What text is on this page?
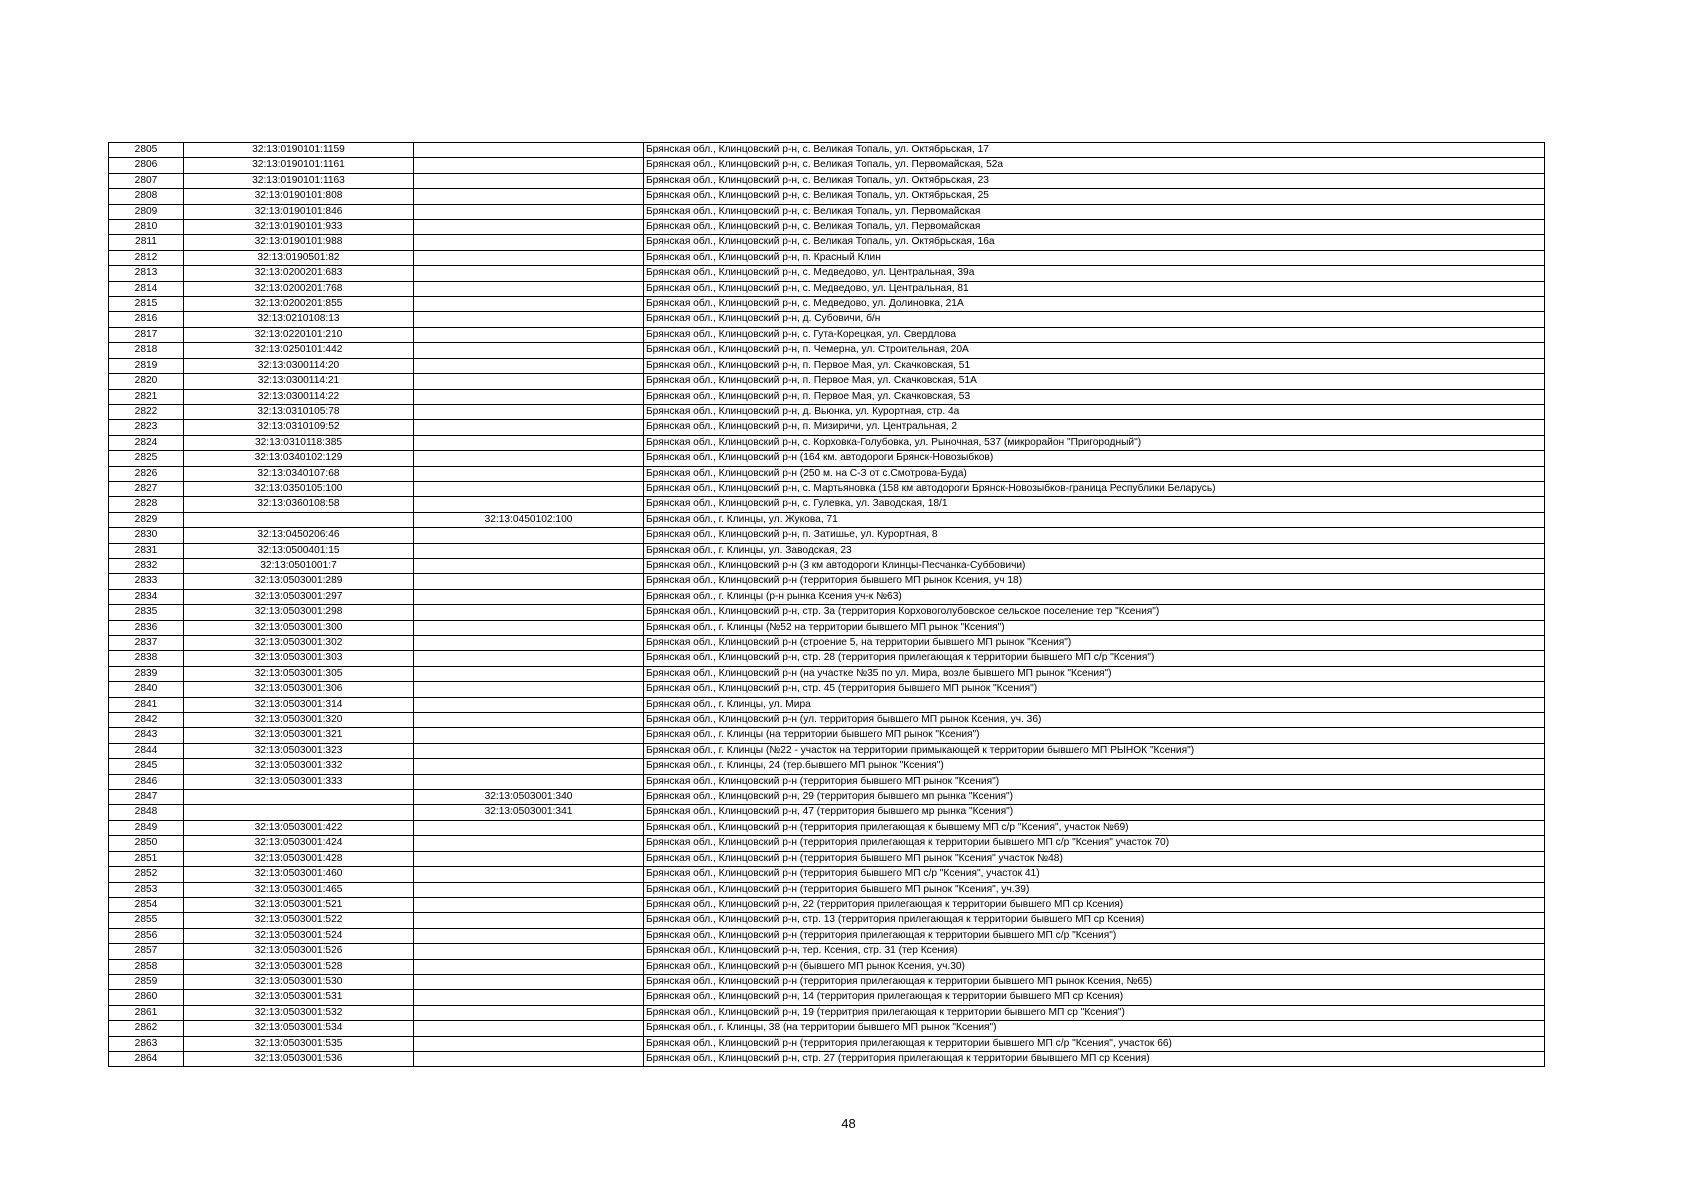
2805	32:13:0190101:1159		Брянская обл., Клинцовский р-н, с. Великая Топаль, ул. Октябрьская, 17
2806	32:13:0190101:1161		Брянская обл., Клинцовский р-н, с. Великая Топаль, ул. Первомайская, 52а
2807	32:13:0190101:1163		Брянская обл., Клинцовский р-н, с. Великая Топаль, ул. Октябрьская, 23
2808	32:13:0190101:808		Брянская обл., Клинцовский р-н, с. Великая Топаль, ул. Октябрьская, 25
2809	32:13:0190101:846		Брянская обл., Клинцовский р-н, с. Великая Топаль, ул. Первомайская
2810	32:13:0190101:933		Брянская обл., Клинцовский р-н, с. Великая Топаль, ул. Первомайская
2811	32:13:0190101:988		Брянская обл., Клинцовский р-н, с. Великая Топаль, ул. Октябрьская, 16а
2812	32:13:0190501:82		Брянская обл., Клинцовский р-н, п. Красный Клин
2813	32:13:0200201:683		Брянская обл., Клинцовский р-н, с. Медведово, ул. Центральная, 39а
2814	32:13:0200201:768		Брянская обл., Клинцовский р-н, с. Медведово, ул. Центральная, 81
2815	32:13:0200201:855		Брянская обл., Клинцовский р-н, с. Медведово, ул. Долиновка, 21А
2816	32:13:0210108:13		Брянская обл., Клинцовский р-н, д. Субовичи, б/н
2817	32:13:0220101:210		Брянская обл., Клинцовский р-н, с. Гута-Корецкая, ул. Свердлова
2818	32:13:0250101:442		Брянская обл., Клинцовский р-н, п. Чемерна, ул. Строительная, 20А
2819	32:13:0300114:20		Брянская обл., Клинцовский р-н, п. Первое Мая, ул. Скачковская, 51
2820	32:13:0300114:21		Брянская обл., Клинцовский р-н, п. Первое Мая, ул. Скачковская, 51А
2821	32:13:0300114:22		Брянская обл., Клинцовский р-н, п. Первое Мая, ул. Скачковская, 53
2822	32:13:0310105:78		Брянская обл., Клинцовский р-н, д. Вьюнка, ул. Курортная, стр. 4а
2823	32:13:0310109:52		Брянская обл., Клинцовский р-н, п. Мизиричи, ул. Центральная, 2
2824	32:13:0310118:385		Брянская обл., Клинцовский р-н, с. Корховка-Голубовка, ул. Рыночная, 537 (микрорайон "Пригородный")
2825	32:13:0340102:129		Брянская обл., Клинцовский р-н (164 км. автодороги Брянск-Новозыбков)
2826	32:13:0340107:68		Брянская обл., Клинцовский р-н (250 м. на С-З от с.Смотрова-Буда)
2827	32:13:0350105:100		Брянская обл., Клинцовский р-н, с. Мартьяновка (158 км автодороги Брянск-Новозыбков-граница Республики Беларусь)
2828	32:13:0360108:58		Брянская обл., Клинцовский р-н, с. Гулевка, ул. Заводская, 18/1
2829		32:13:0450102:100	Брянская обл., г. Клинцы, ул. Жукова, 71
2830	32:13:0450206:46		Брянская обл., Клинцовский р-н, п. Затишье, ул. Курортная, 8
2831	32:13:0500401:15		Брянская обл., г. Клинцы, ул. Заводская, 23
2832	32:13:0501001:7		Брянская обл., Клинцовский р-н (3 км автодороги Клинцы-Песчанка-Суббовичи)
2833	32:13:0503001:289		Брянская обл., Клинцовский р-н (территория бывшего МП рынок Ксения, уч 18)
2834	32:13:0503001:297		Брянская обл., г. Клинцы (р-н рынка Ксения уч-к №63)
2835	32:13:0503001:298		Брянская обл., Клинцовский р-н, стр. 3а (территория Корховоголубовское сельское поселение тер "Ксения")
2836	32:13:0503001:300		Брянская обл., г. Клинцы (№52 на территории бывшего МП рынок "Ксения")
2837	32:13:0503001:302		Брянская обл., Клинцовский р-н (строение 5, на территории бывшего МП рынок "Ксения")
2838	32:13:0503001:303		Брянская обл., Клинцовский р-н, стр. 28 (территория прилегающая к территории бывшего МП с/р "Ксения")
2839	32:13:0503001:305		Брянская обл., Клинцовский р-н (на участке №35 по ул. Мира, возле бывшего МП рынок "Ксения")
2840	32:13:0503001:306		Брянская обл., Клинцовский р-н, стр. 45 (территория бывшего МП рынок "Ксения")
2841	32:13:0503001:314		Брянская обл., г. Клинцы, ул. Мира
2842	32:13:0503001:320		Брянская обл., Клинцовский р-н (ул. территория бывшего МП рынок Ксения, уч. 36)
2843	32:13:0503001:321		Брянская обл., г. Клинцы (на территории бывшего МП рынок "Ксения")
2844	32:13:0503001:323		Брянская обл., г. Клинцы (№22 - участок на территории примыкающей к территории бывшего МП РЫНОК "Ксения")
2845	32:13:0503001:332		Брянская обл., г. Клинцы, 24 (тер.бывшего МП рынок "Ксения")
2846	32:13:0503001:333		Брянская обл., Клинцовский р-н (территория бывшего МП рынок "Ксения")
2847		32:13:0503001:340	Брянская обл., Клинцовский р-н, 29 (территория бывшего мп рынка "Ксения")
2848		32:13:0503001:341	Брянская обл., Клинцовский р-н, 47 (территория бывшего мр рынка "Ксения")
2849	32:13:0503001:422		Брянская обл., Клинцовский р-н (территория прилегающая к бывшему МП с/р "Ксения", участок №69)
2850	32:13:0503001:424		Брянская обл., Клинцовский р-н (территория прилегающая к территории бывшего МП с/р "Ксения" участок 70)
2851	32:13:0503001:428		Брянская обл., Клинцовский р-н (территория бывшего МП рынок "Ксения" участок №48)
2852	32:13:0503001:460		Брянская обл., Клинцовский р-н (территория бывшего МП с/р "Ксения", участок 41)
2853	32:13:0503001:465		Брянская обл., Клинцовский р-н (территория бывшего МП рынок "Ксения", уч.39)
2854	32:13:0503001:521		Брянская обл., Клинцовский р-н, 22 (территория прилегающая к территории бывшего МП ср Ксения)
2855	32:13:0503001:522		Брянская обл., Клинцовский р-н, стр. 13 (территория прилегающая к территории бывшего МП ср Ксения)
2856	32:13:0503001:524		Брянская обл., Клинцовский р-н (территория прилегающая к территории бывшего МП с/р "Ксения")
2857	32:13:0503001:526		Брянская обл., Клинцовский р-н, тер. Ксения, стр. 31 (тер Ксения)
2858	32:13:0503001:528		Брянская обл., Клинцовский р-н (бывшего МП рынок Ксения, уч.30)
2859	32:13:0503001:530		Брянская обл., Клинцовский р-н (территория прилегающая к территории бывшего МП рынок Ксения, №65)
2860	32:13:0503001:531		Брянская обл., Клинцовский р-н, 14 (территория прилегающая к территории бывшего МП ср Ксения)
2861	32:13:0503001:532		Брянская обл., Клинцовский р-н, 19 (территрия прилегающая к территории бывшего МП ср "Ксения")
2862	32:13:0503001:534		Брянская обл., г. Клинцы, 38 (на территории бывшего МП рынок "Ксения")
2863	32:13:0503001:535		Брянская обл., Клинцовский р-н (территория прилегающая к территории бывшего МП с/р "Ксения", участок 66)
2864	32:13:0503001:536		Брянская обл., Клинцовский р-н, стр. 27 (территория прилегающая к территории бвывшего МП ср Ксения)
48
